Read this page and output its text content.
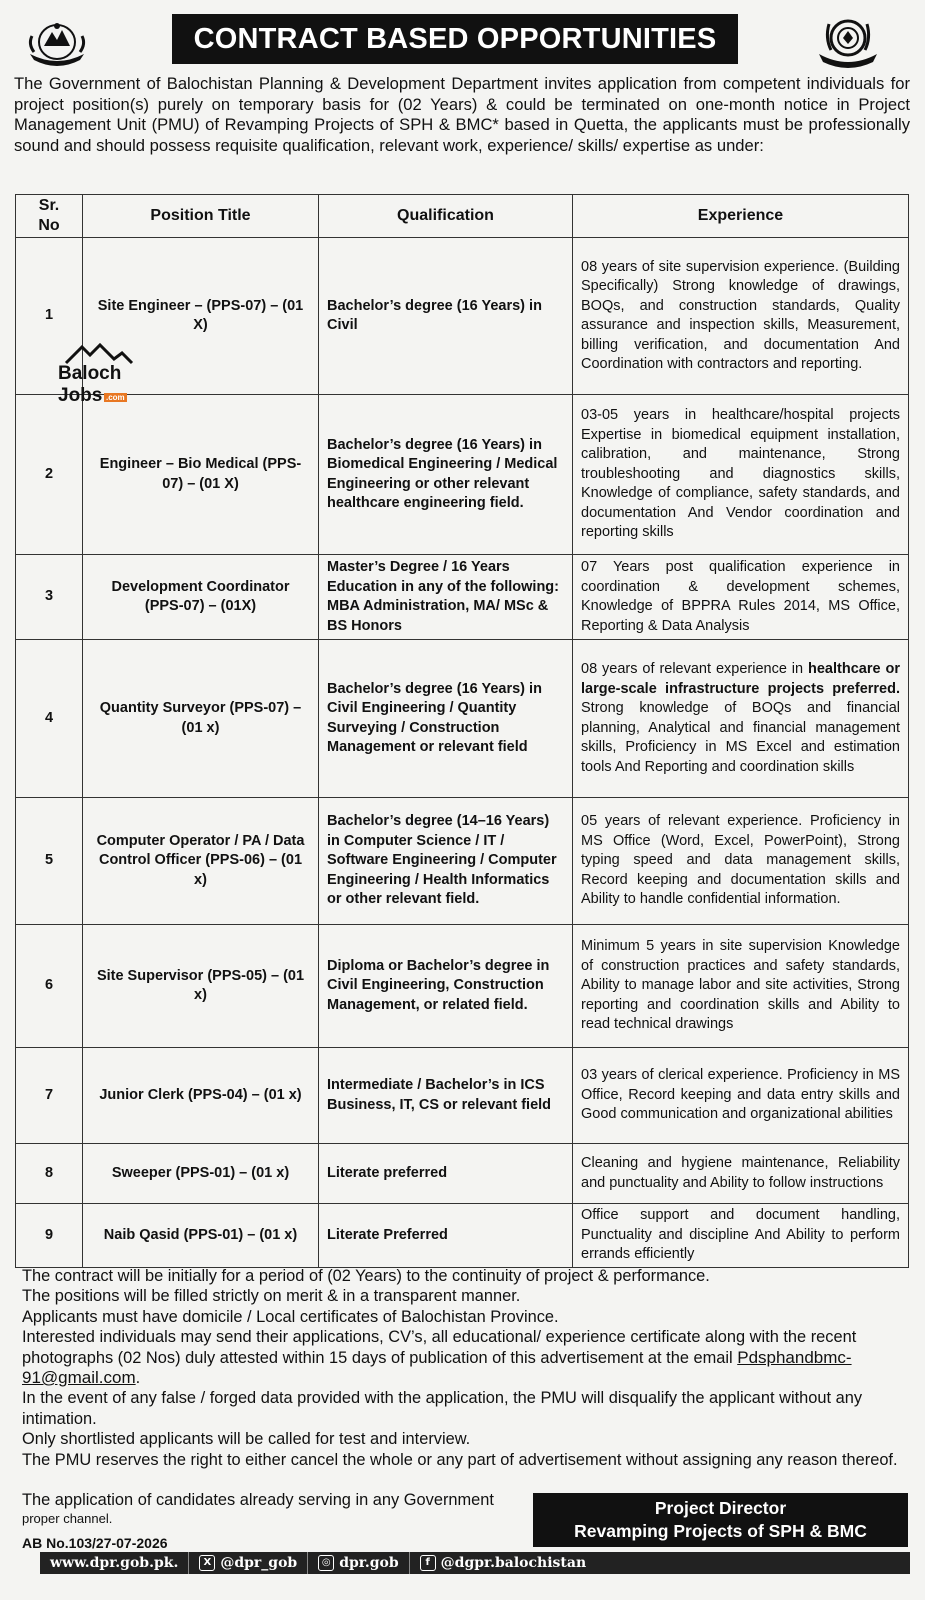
CONTRACT BASED OPPORTUNITIES
The Government of Balochistan Planning & Development Department invites application from competent individuals for project position(s) purely on temporary basis for (02 Years) & could be terminated on one-month notice in Project Management Unit (PMU) of Revamping Projects of SPH & BMC* based in Quetta, the applicants must be professionally sound and should possess requisite qualification, relevant work, experience/ skills/ expertise as under:
Sr. No	Position Title	Qualification	Experience
1	Site Engineer – (PPS-07) – (01 X)	Bachelor’s degree (16 Years) in Civil	08 years of site supervision experience. (Building Specifically) Strong knowledge of drawings, BOQs, and construction standards, Quality assurance and inspection skills, Measurement, billing verification, and documentation And Coordination with contractors and reporting.
2	Engineer – Bio Medical (PPS-07) – (01 X)	Bachelor’s degree (16 Years) in Biomedical Engineering / Medical Engineering or other relevant healthcare engineering field.	03-05 years in healthcare/hospital projects Expertise in biomedical equipment installation, calibration, and maintenance, Strong troubleshooting and diagnostics skills, Knowledge of compliance, safety standards, and documentation And Vendor coordination and reporting skills
3	Development Coordinator (PPS-07) – (01X)	Master’s Degree / 16 Years Education in any of the following: MBA Administration, MA/ MSc & BS Honors	07 Years post qualification experience in coordination & development schemes, Knowledge of BPPRA Rules 2014, MS Office, Reporting & Data Analysis
4	Quantity Surveyor (PPS-07) – (01 x)	Bachelor’s degree (16 Years) in Civil Engineering / Quantity Surveying / Construction Management or relevant field	08 years of relevant experience in healthcare or large-scale infrastructure projects preferred. Strong knowledge of BOQs and financial planning, Analytical and financial management skills, Proficiency in MS Excel and estimation tools And Reporting and coordination skills
5	Computer Operator / PA / Data Control Officer (PPS-06) – (01 x)	Bachelor’s degree (14–16 Years) in Computer Science / IT / Software Engineering / Computer Engineering / Health Informatics or other relevant field.	05 years of relevant experience. Proficiency in MS Office (Word, Excel, PowerPoint), Strong typing speed and data management skills, Record keeping and documentation skills and Ability to handle confidential information.
6	Site Supervisor (PPS-05) – (01 x)	Diploma or Bachelor’s degree in Civil Engineering, Construction Management, or related field.	Minimum 5 years in site supervision Knowledge of construction practices and safety standards, Ability to manage labor and site activities, Strong reporting and coordination skills and Ability to read technical drawings
7	Junior Clerk (PPS-04) – (01 x)	Intermediate / Bachelor’s in ICS Business, IT, CS or relevant field	03 years of clerical experience. Proficiency in MS Office, Record keeping and data entry skills and Good communication and organizational abilities
8	Sweeper (PPS-01) – (01 x)	Literate preferred	Cleaning and hygiene maintenance, Reliability and punctuality and Ability to follow instructions
9	Naib Qasid (PPS-01) – (01 x)	Literate Preferred	Office support and document handling, Punctuality and discipline And Ability to perform errands efficiently
Baloch
Jobs .com

The contract will be initially for a period of (02 Years) to the continuity of project & performance.

The positions will be filled strictly on merit & in a transparent manner.

Applicants must have domicile / Local certificates of Balochistan Province.

Interested individuals may send their applications, CV’s, all educational/ experience certificate along with the recent photographs (02 Nos) duly attested within 15 days of publication of this advertisement at the email Pdsphandbmc-91@gmail.com.

In the event of any false / forged data provided with the application, the PMU will disqualify the applicant without any intimation.

Only shortlisted applicants will be called for test and interview.

The PMU reserves the right to either cancel the whole or any part of advertisement without assigning any reason thereof.

The application of candidates already serving in any Government
proper channel.
AB No.103/27-07-2026
Project Director
Revamping Projects of SPH & BMC
www.dpr.gob.pk.	X @dpr_gob	◎ dpr.gob	f @dgpr.balochistan
